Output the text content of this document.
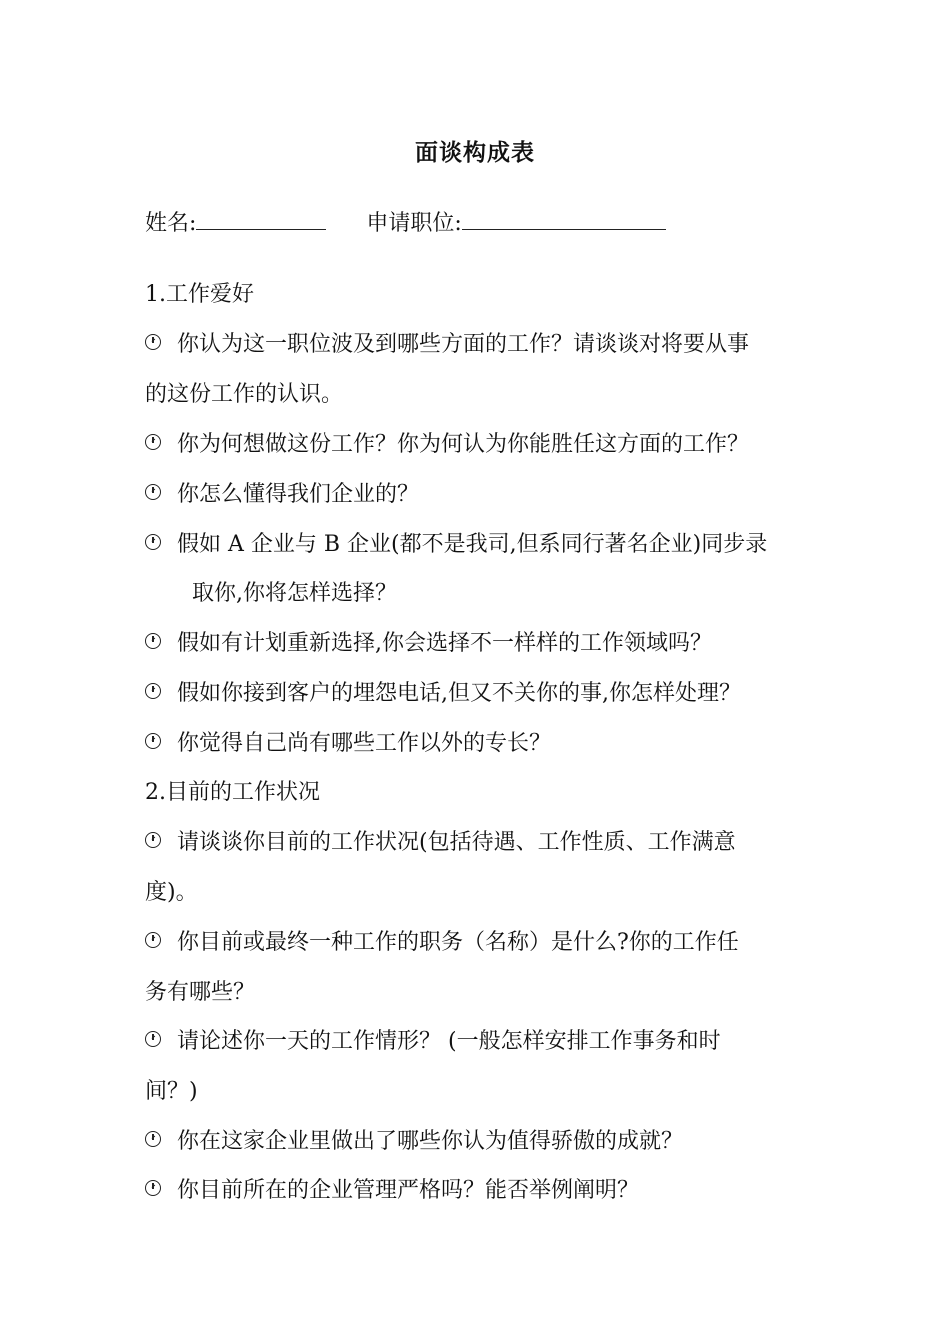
面谈构成表
姓名:	申请职位:
1.工作爱好
你认为这一职位波及到哪些方面的工作？请谈谈对将要从事
的这份工作的认识。
你为何想做这份工作？你为何认为你能胜任这方面的工作？
你怎么懂得我们企业的？
假如 A 企业与 B 企业(都不是我司,但系同行著名企业)同步录
取你,你将怎样选择？
假如有计划重新选择,你会选择不一样样的工作领域吗？
假如你接到客户的埋怨电话,但又不关你的事,你怎样处理？
你觉得自己尚有哪些工作以外的专长？
2.目前的工作状况
请谈谈你目前的工作状况(包括待遇、工作性质、工作满意
度)。
你目前或最终一种工作的职务（名称）是什么?你的工作任
务有哪些？
请论述你一天的工作情形？ (一般怎样安排工作事务和时
间？)
你在这家企业里做出了哪些你认为值得骄傲的成就？
你目前所在的企业管理严格吗？能否举例阐明？
